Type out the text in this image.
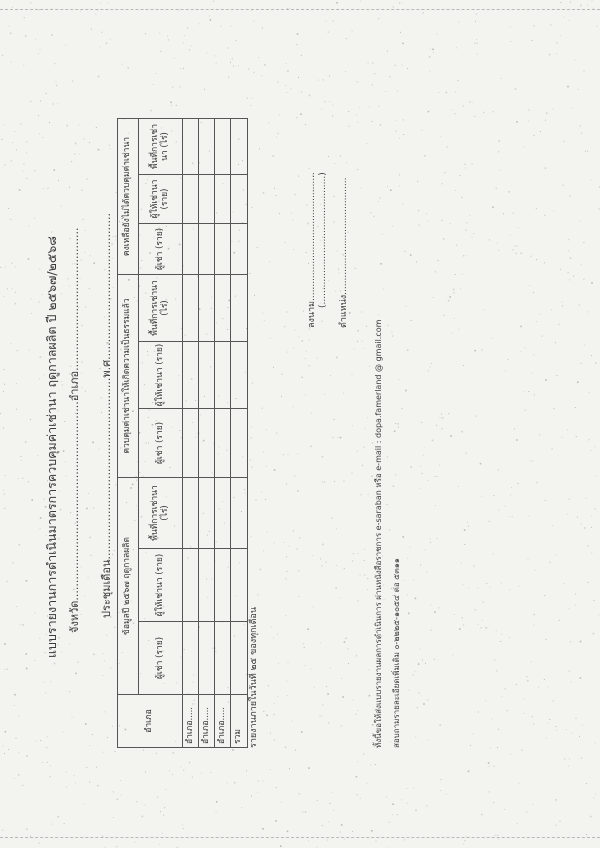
แบบรายงานการดำเนินมาตรการควบคุมค่าเช่านา ฤดูกาลผลิต ปี ๒๕๖๗/๒๕๖๘ จังหวัด.........................................................อำเภอ......................................... ประชุมเดือน....................................................พ.ศ..........................................
อำเภอ	ข้อมูลปี ๒๕๖๗ ฤดูกาลผลิต			ควบคุมค่าเช่านาให้เกิดความเป็นธรรมแล้ว			คงเหลือยังไม่ได้ควบคุมค่าเช่านา		
	ผู้เช่า (ราย)	ผู้ให้เช่านา (ราย)	พื้นที่การเช่านา (ไร่)	ผู้เช่า (ราย)	ผู้ให้เช่านา (ราย)	พื้นที่การเช่านา (ไร่)	ผู้เช่า (ราย)	ผู้ให้เช่านา (ราย)	พื้นที่การเช่านา (ไร่)
อำเภอ.....									
อำเภอ.....									
อำเภอ.....									
รวม									รายงานภายในวันที่ ๒๕ ของทุกเดือน
ลงนาม............................................. (.............................................)	ตำแหน่ง.........................................
ทั้งนี้ขอให้ส่งแบบรายงานผลการดำเนินการ ผ่านหนังสือราชการ e-saraban หรือ e-mail : dopa.famerland @ gmail.com สอบถามรายละเอียดเพิ่มเติม ๐-๒๒๒๕-๑๐๕๔ ต่อ ๕๓๑๑
